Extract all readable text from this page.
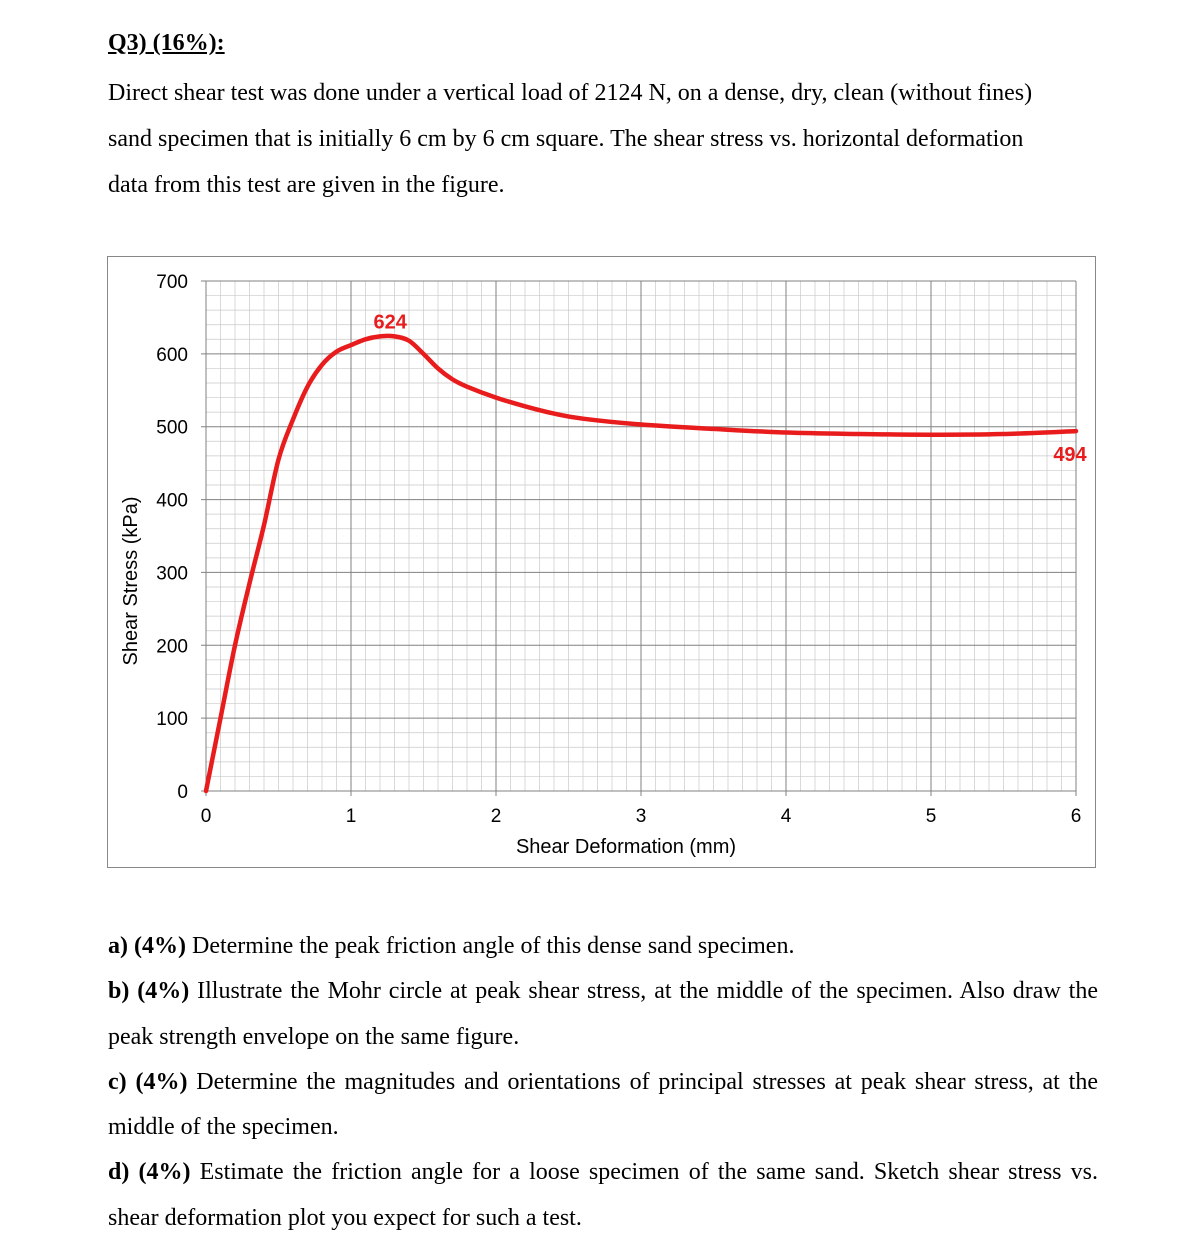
Q3) (16%):
Direct shear test was done under a vertical load of 2124 N, on a dense, dry, clean (without fines)
sand specimen that is initially 6 cm by 6 cm square. The shear stress vs. horizontal deformation
data from this test are given in the figure.
0	1	2	3	4	5	6
0
100
200
300
400
500
600
700
Shear Deformation (mm)
Shear Stress (kPa)
624
494

a) (4%) Determine the peak friction angle of this dense sand specimen.

b) (4%) Illustrate the Mohr circle at peak shear stress, at the middle of the specimen. Also draw the peak strength envelope on the same figure.

c) (4%) Determine the magnitudes and orientations of principal stresses at peak shear stress, at the middle of the specimen.

d) (4%) Estimate the friction angle for a loose specimen of the same sand. Sketch shear stress vs. shear deformation plot you expect for such a test.
